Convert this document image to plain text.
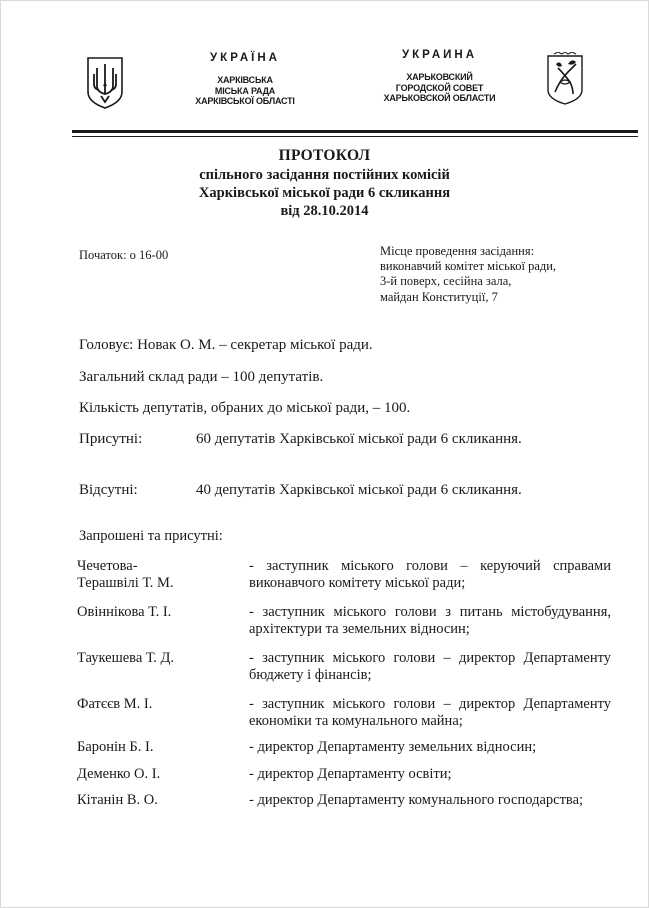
УКРАЇНА
ХАРКІВСЬКА
МІСЬКА РАДА
ХАРКІВСЬКОЇ ОБЛАСТІ
УКРАИНА
ХАРЬКОВСКИЙ
ГОРОДСКОЙ СОВЕТ
ХАРЬКОВСКОЙ ОБЛАСТИ
ПРОТОКОЛ
спільного засідання постійних комісій
Харківської міської ради 6 скликання
від 28.10.2014
Початок: о 16-00	Місце проведення засідання:
виконавчий комітет міської ради,
3-й поверх, сесійна зала,
майдан Конституції, 7
Головує: Новак О. М. – секретар міської ради.
Загальний склад ради – 100 депутатів.
Кількість депутатів, обраних до міської ради, – 100.
Присутні:	60 депутатів Харківської міської ради 6 скликання.
Відсутні:	40 депутатів Харківської міської ради 6 скликання.
Запрошені та присутні:
Чечетова-
Терашвілі Т. М.
- заступник міського голови – керуючий справами
виконавчого комітету міської ради;
Овіннікова Т. І.	- заступник міського голови з питань містобудування,
архітектури та земельних відносин;
Таукешева Т. Д.	- заступник міського голови – директор Департаменту
бюджету і фінансів;
Фатєєв М. І.	- заступник міського голови – директор Департаменту
економіки та комунального майна;
Баронін Б. І.	- директор Департаменту земельних відносин;
Деменко О. І.	- директор Департаменту освіти;
Кітанін В. О.	- директор Департаменту комунального господарства;
